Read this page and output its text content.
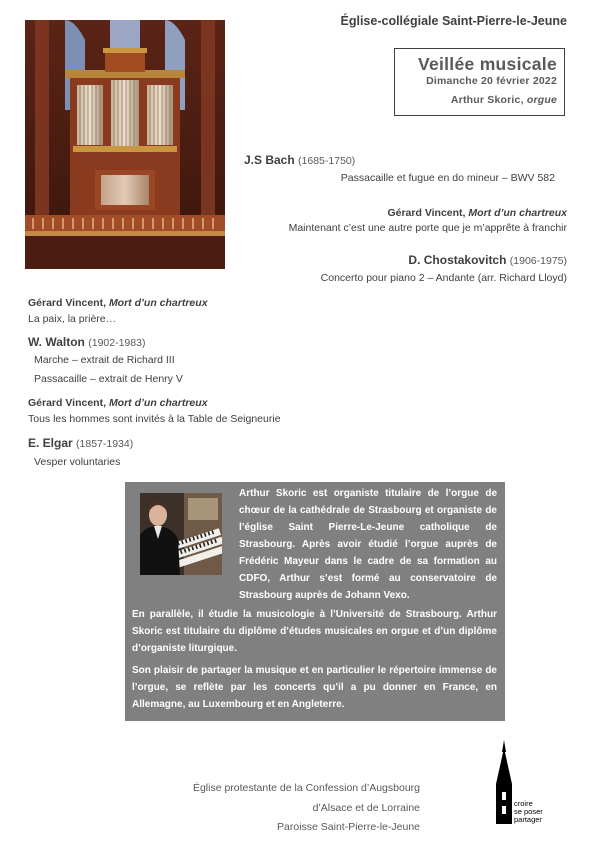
Église-collégiale Saint-Pierre-le-Jeune
Veillée musicale
Dimanche 20 février 2022
Arthur Skoric, orgue
J.S Bach (1685-1750)
Passacaille et fugue en do mineur – BWV 582
Gérard Vincent, Mort d’un chartreux
Maintenant c’est une autre porte que je m’apprête à franchir
D. Chostakovitch (1906-1975)
Concerto pour piano 2 – Andante (arr. Richard Lloyd)
Gérard Vincent, Mort d’un chartreux
La paix, la prière…
W. Walton (1902-1983)
Marche – extrait de Richard III
Passacaille – extrait de Henry V
Gérard Vincent, Mort d’un chartreux
Tous les hommes sont invités à la Table de Seigneurie
E. Elgar (1857-1934)
Vesper voluntaries
Arthur Skoric est organiste titulaire de l’orgue de chœur de la cathédrale de Strasbourg et organiste de l’église Saint Pierre-Le-Jeune catholique de Strasbourg. Après avoir étudié l’orgue auprès de Frédéric Mayeur dans le cadre de sa formation au CDFO, Arthur s’est formé au conservatoire de Strasbourg auprès de Johann Vexo.
En parallèle, il étudie la musicologie à l’Université de Strasbourg. Arthur Skoric est titulaire du diplôme d’études musicales en orgue et d’un diplôme d’organiste liturgique.
Son plaisir de partager la musique et en particulier le répertoire immense de l’orgue, se reflète par les concerts qu’il a pu donner en France, en Allemagne, au Luxembourg et en Angleterre.
Église protestante de la Confession d’Augsbourg
d’Alsace et de Lorraine
Paroisse Saint-Pierre-le-Jeune
croire
se poser
partager
